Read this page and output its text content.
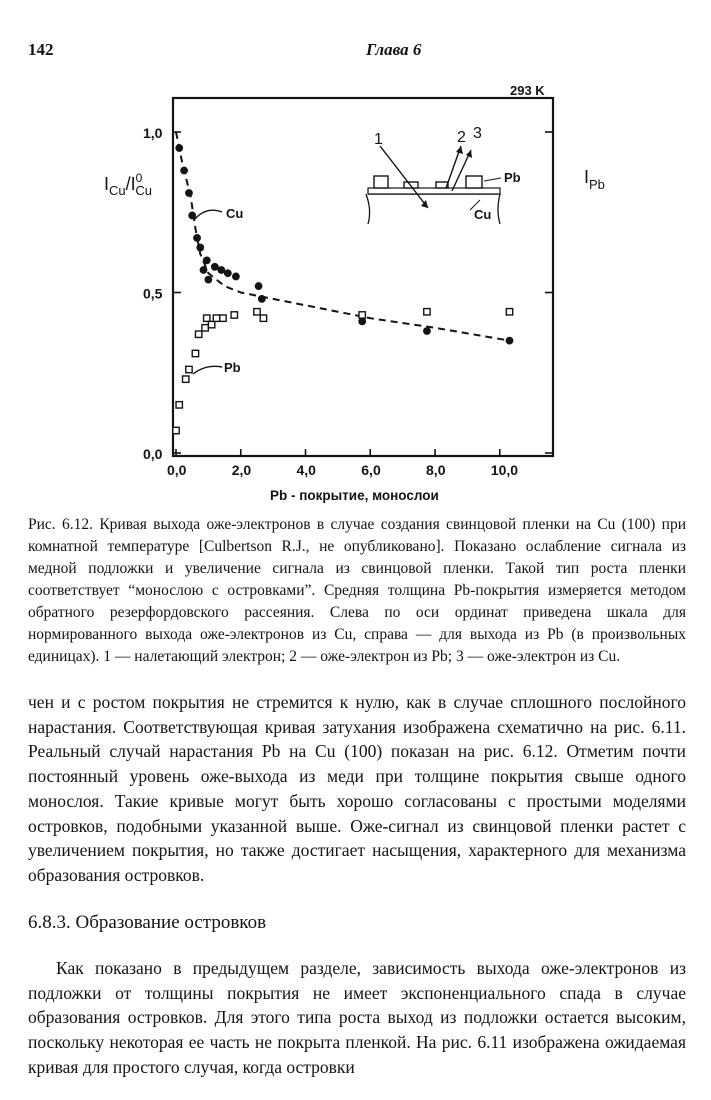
142	Глава 6
293 K
$I_{Cu}/I^0$ Cu
$I_{Pb}$
1	2 3
Pb
Cu
Cu
Pb
0,0	2,0	4,0	6,0	8,0	10,0
0,0
0,5
1,0
Pb - покрытие, монослои

Рис. 6.12. Кривая выхода оже-электронов в случае создания свинцовой пленки на Cu (100) при комнатной температуре [Culbertson R.J., не опубликовано]. Показано ослабление сигнала из медной подложки и увеличение сигнала из свинцовой пленки. Такой тип роста пленки соответствует “монослою с островками”. Средняя толщина Pb-покрытия измеряется методом обратного резерфордовского рассеяния. Слева по оси ординат приведена шкала для нормированного выхода оже-электронов из Cu, справа — для выхода из Pb (в произвольных единицах). 1 — налетающий электрон; 2 — оже-электрон из Pb; 3 — оже-электрон из Cu.

чен и с ростом покрытия не стремится к нулю, как в случае сплошного послойного нарастания. Соответствующая кривая затухания изображена схематично на рис. 6.11. Реальный случай нарастания Pb на Cu (100) показан на рис. 6.12. Отметим почти постоянный уровень оже-выхода из меди при толщине покрытия свыше одного монослоя. Такие кривые могут быть хорошо согласованы с простыми моделями островков, подобными указанной выше. Оже-сигнал из свинцовой пленки растет с увеличением покрытия, но также достигает насыщения, характерного для механизма образования островков.

6.8.3. Образование островков

Как показано в предыдущем разделе, зависимость выхода оже-электронов из подложки от толщины покрытия не имеет экспоненциального спада в случае образования островков. Для этого типа роста выход из подложки остается высоким, поскольку некоторая ее часть не покрыта пленкой. На рис. 6.11 изображена ожидаемая кривая для простого случая, когда островки
